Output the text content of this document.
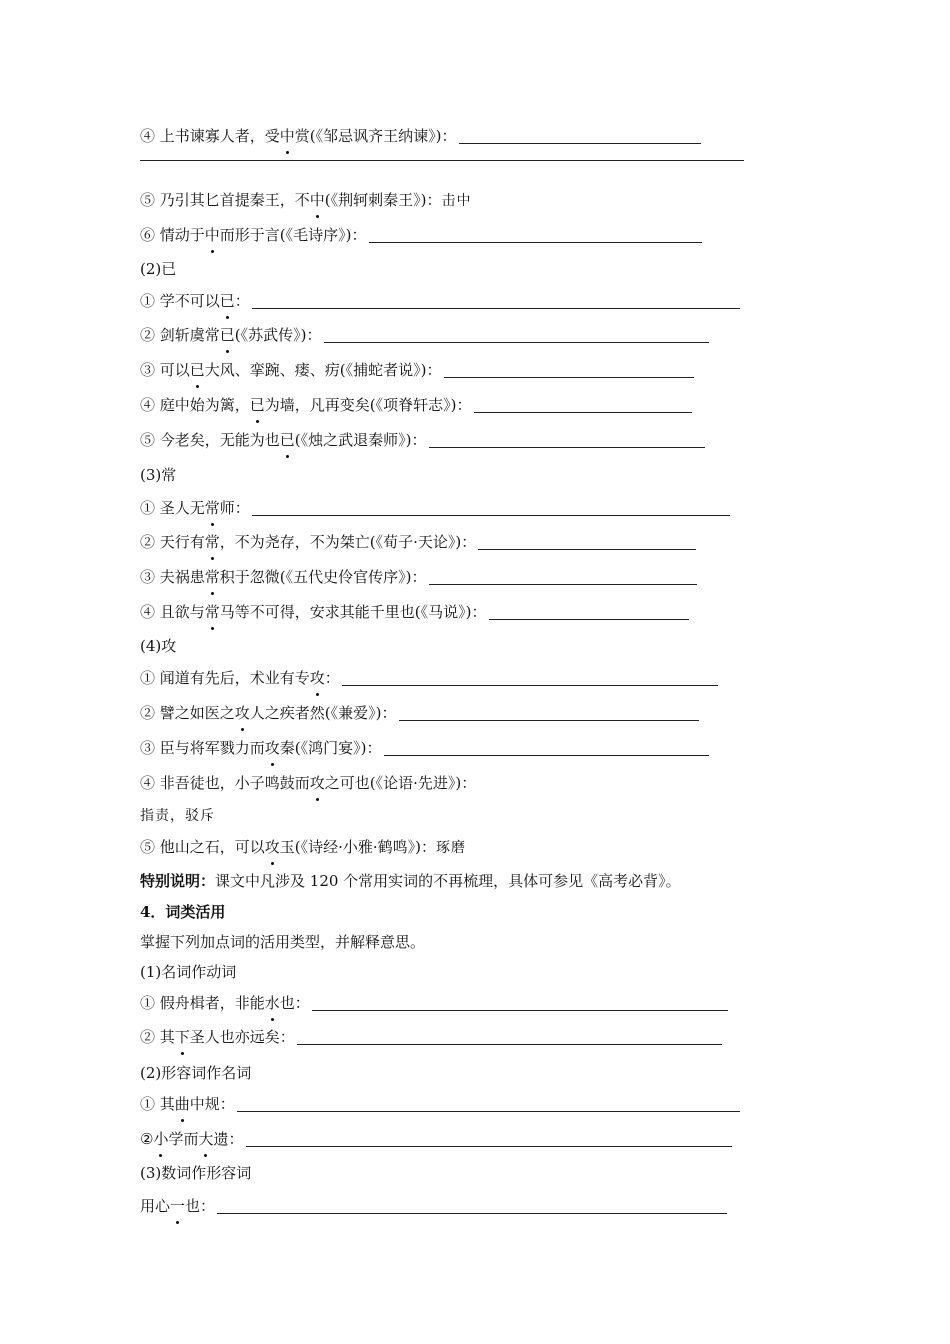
④ 上书谏寡人者，受 中 赏(《邹忌讽齐王纳谏》)：
⑤ 乃引其匕首提秦王，不 中 (《荆轲刺秦王》)： 击中
⑥ 情动于 中 而形于言(《毛诗序》)：
(2)已
① 学不可以 已 ：
② 剑斩虞常 已 (《苏武传》)：
③ 可以 已 大风、挛踠、瘘、疠(《捕蛇者说》)：
④ 庭中始为篱， 已 为墙，凡再变矣(《项脊轩志》)：
⑤ 今老矣，无能为也 已 (《烛之武退秦师》)：
(3)常
① 圣人无 常 师：
② 天行有 常 ，不为尧存，不为桀亡(《荀子·天论》)：
③ 夫祸患 常 积于忽微(《五代史伶官传序》)：
④ 且欲与 常 马等不可得，安求其能千里也(《马说》)：
(4)攻
① 闻道有先后，术业有专 攻 ：
② 譬之如医之 攻 人之疾者然(《兼爱》)：
③ 臣与将军戮力而 攻 秦(《鸿门宴》)：
④ 非吾徒也，小子鸣鼓而 攻 之可也(《论语·先进》)：
指责，驳斥
⑤ 他山之石，可以 攻 玉(《诗经·小雅·鹤鸣》)： 琢磨
特别说明： 课文中凡涉及 120 个常用实词的不再梳理，具体可参见《高考必背》。
4．词类活用
掌握下列加点词的活用类型，并解释意思。
(1)名词作动词
① 假舟楫者，非能 水 也：
② 其 下 圣人也亦远矣：
(2)形容词作名词
① 其 曲 中规：
② 小 学而 大 遗：
(3)数词作形容词
用心 一 也：
